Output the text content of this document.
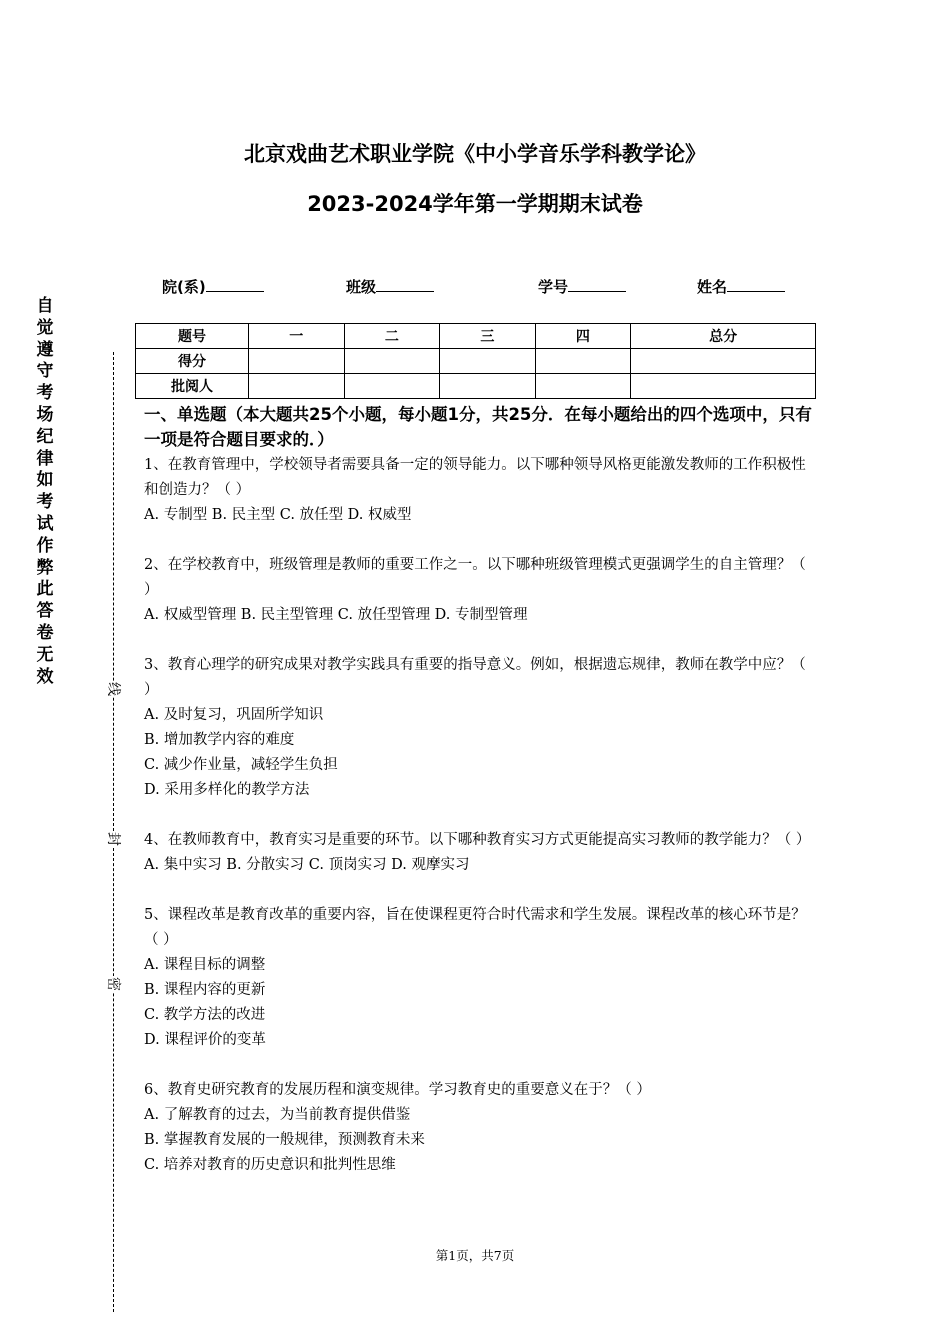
北京戏曲艺术职业学院《中小学音乐学科教学论》
2023-2024学年第一学期期末试卷
院(系)	班级	学号	姓名
题号	一	二	三	四	总分
得分					
批阅人					
自
觉
遵
守
考
场
纪
律
如
考
试
作
弊
此
答
卷
无
效
线
封
密
一、单选题（本大题共25个小题，每小题1分，共25分．在每小题给出的四个选项中，只有一项是符合题目要求的．）

1、在教育管理中，学校领导者需要具备一定的领导能力。以下哪种领导风格更能激发教师的工作积极性和创造力？（ ）

A. 专制型 B. 民主型 C. 放任型 D. 权威型

2、在学校教育中，班级管理是教师的重要工作之一。以下哪种班级管理模式更强调学生的自主管理？（ ）

A. 权威型管理 B. 民主型管理 C. 放任型管理 D. 专制型管理

3、教育心理学的研究成果对教学实践具有重要的指导意义。例如，根据遗忘规律，教师在教学中应？（ ）

A. 及时复习，巩固所学知识

B. 增加教学内容的难度

C. 减少作业量，减轻学生负担

D. 采用多样化的教学方法

4、在教师教育中，教育实习是重要的环节。以下哪种教育实习方式更能提高实习教师的教学能力？（ ）

A. 集中实习 B. 分散实习 C. 顶岗实习 D. 观摩实习

5、课程改革是教育改革的重要内容，旨在使课程更符合时代需求和学生发展。课程改革的核心环节是？（ ）

A. 课程目标的调整

B. 课程内容的更新

C. 教学方法的改进

D. 课程评价的变革

6、教育史研究教育的发展历程和演变规律。学习教育史的重要意义在于？（ ）

A. 了解教育的过去，为当前教育提供借鉴

B. 掌握教育发展的一般规律，预测教育未来

C. 培养对教育的历史意识和批判性思维

第1页，共7页
